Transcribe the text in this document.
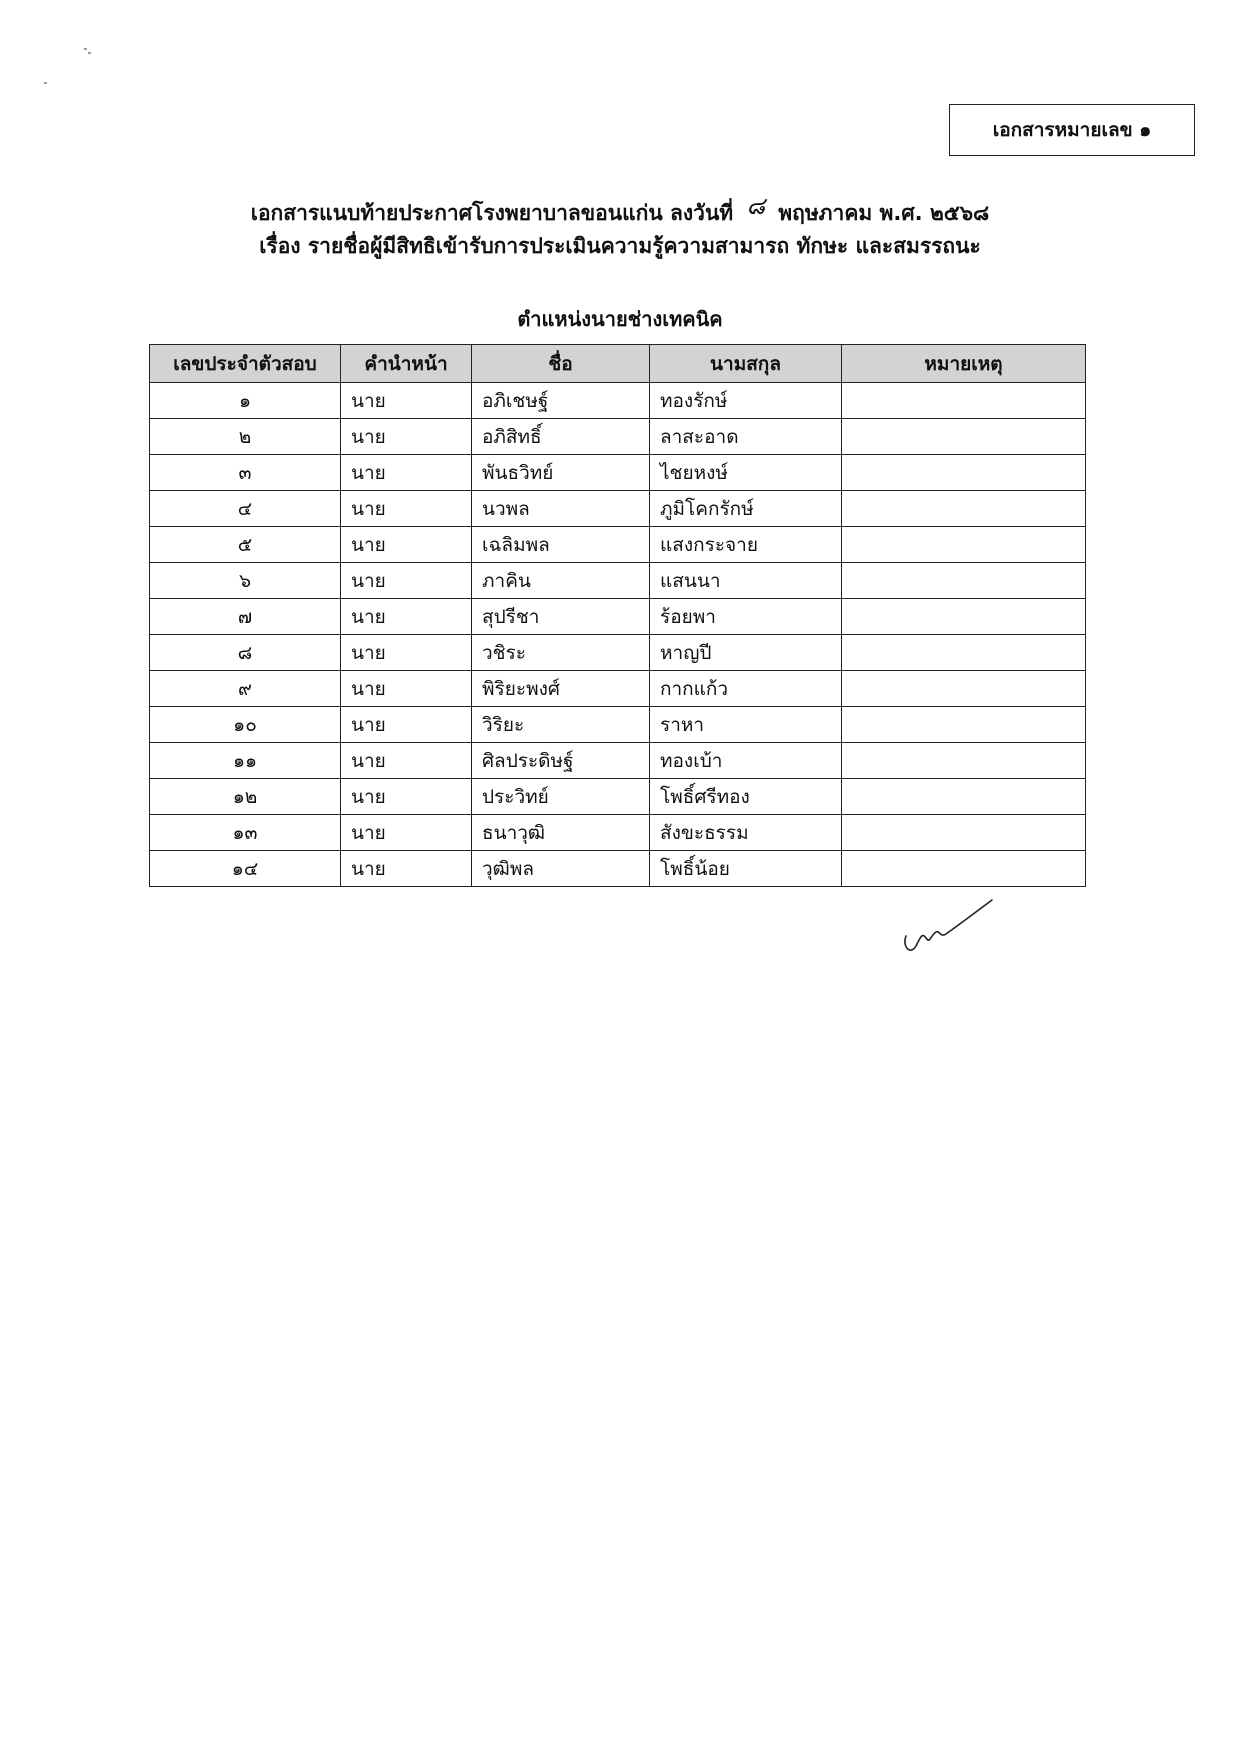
เอกสารหมายเลข ๑
เอกสารแนบท้ายประกาศโรงพยาบาลขอนแก่น ลงวันที่ ๘ พฤษภาคม พ.ศ. ๒๕๖๘
เรื่อง รายชื่อผู้มีสิทธิเข้ารับการประเมินความรู้ความสามารถ ทักษะ และสมรรถนะ
ตำแหน่งนายช่างเทคนิค
เลขประจำตัวสอบ	คำนำหน้า	ชื่อ	นามสกุล	หมายเหตุ
๑	นาย	อภิเชษฐ์	ทองรักษ์	
๒	นาย	อภิสิทธิ์	ลาสะอาด	
๓	นาย	พันธวิทย์	ไชยหงษ์	
๔	นาย	นวพล	ภูมิโคกรักษ์	
๕	นาย	เฉลิมพล	แสงกระจาย	
๖	นาย	ภาคิน	แสนนา	
๗	นาย	สุปรีชา	ร้อยพา	
๘	นาย	วชิระ	หาญปี	
๙	นาย	พิริยะพงศ์	กากแก้ว	
๑๐	นาย	วิริยะ	ราหา	
๑๑	นาย	ศิลประดิษฐ์	ทองเบ้า	
๑๒	นาย	ประวิทย์	โพธิ์ศรีทอง	
๑๓	นาย	ธนาวุฒิ	สังขะธรรม	
๑๔	นาย	วุฒิพล	โพธิ์น้อย	
